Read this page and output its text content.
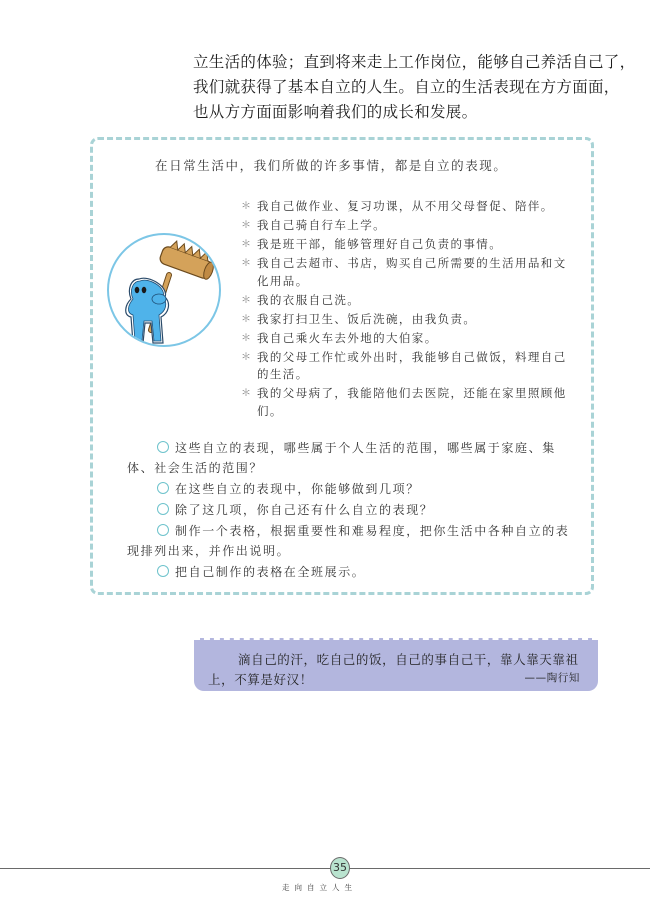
立生活的体验；直到将来走上工作岗位，能够自己养活自己了，

我们就获得了基本自立的人生。自立的生活表现在方方面面，

也从方方面面影响着我们的成长和发展。

在日常生活中，我们所做的许多事情，都是自立的表现。
＊ 我自己做作业、复习功课，从不用父母督促、陪伴。
＊ 我自己骑自行车上学。
＊ 我是班干部，能够管理好自己负责的事情。
＊ 我自己去超市、书店，购买自己所需要的生活用品和文化用品。
＊ 我的衣服自己洗。
＊ 我家打扫卫生、饭后洗碗，由我负责。
＊ 我自己乘火车去外地的大伯家。
＊ 我的父母工作忙或外出时，我能够自己做饭，料理自己的生活。
＊ 我的父母病了，我能陪他们去医院，还能在家里照顾他们。

这些自立的表现，哪些属于个人生活的范围，哪些属于家庭、集体、社会生活的范围？

在这些自立的表现中，你能够做到几项？

除了这几项，你自己还有什么自立的表现？

制作一个表格，根据重要性和难易程度，把你生活中各种自立的表现排列出来，并作出说明。

把自己制作的表格在全班展示。

滴自己的汗，吃自己的饭，自己的事自己干，靠人靠天靠祖
上，不算是好汉！	——陶行知
35
走向自立人生
